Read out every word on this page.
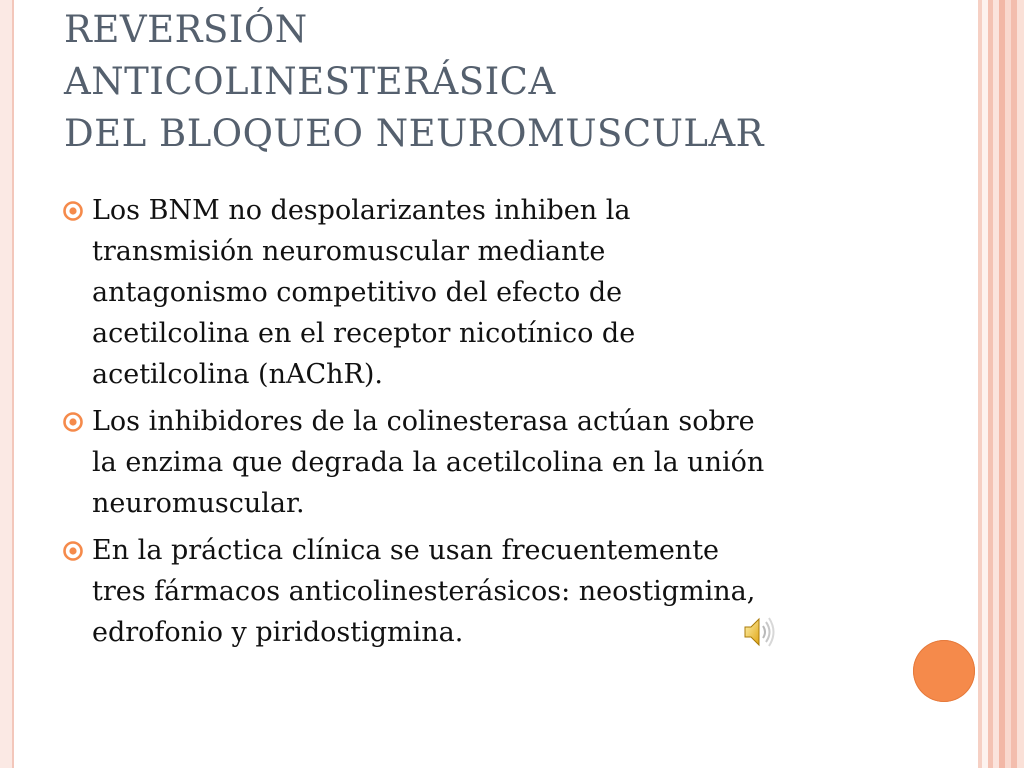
REVERSIÓN
ANTICOLINESTERÁSICA
DEL BLOQUEO NEUROMUSCULAR
Los BNM no despolarizantes inhiben la
transmisión neuromuscular mediante
antagonismo competitivo del efecto de
acetilcolina en el receptor nicotínico de
acetilcolina (nAChR).
Los inhibidores de la colinesterasa actúan sobre
la enzima que degrada la acetilcolina en la unión
neuromuscular.
En la práctica clínica se usan frecuentemente
tres fármacos anticolinesterásicos: neostigmina,
edrofonio y piridostigmina.
